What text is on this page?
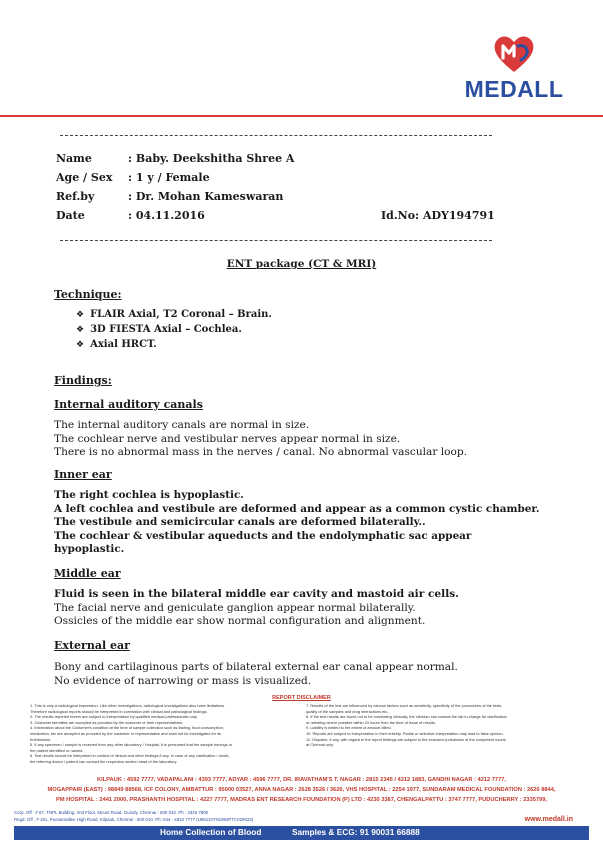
MEDALL
Name	: Baby. Deekshitha Shree A
Age / Sex : 1 y / Female
Ref.by	: Dr. Mohan Kameswaran
Date	: 04.11.2016	Id.No: ADY194791
ENT package (CT & MRI)
Technique:
❖ FLAIR Axial, T2 Coronal – Brain.
❖ 3D FIESTA Axial – Cochlea.
❖ Axial HRCT.
Findings:
Internal auditory canals
The internal auditory canals are normal in size.
The cochlear nerve and vestibular nerves appear normal in size.
There is no abnormal mass in the nerves / canal. No abnormal vascular loop.
Inner ear
The right cochlea is hypoplastic.
A left cochlea and vestibule are deformed and appear as a common cystic chamber.
The vestibule and semicircular canals are deformed bilaterally..
The cochlear & vestibular aqueducts and the endolymphatic sac appear
hypoplastic.
Middle ear
Fluid is seen in the bilateral middle ear cavity and mastoid air cells.
The facial nerve and geniculate ganglion appear normal bilaterally.
Ossicles of the middle ear show normal configuration and alignment.
External ear
Bony and cartilaginous parts of bilateral external ear canal appear normal.
No evidence of narrowing or mass is visualized.
REPORT DISCLAIMER
1. This is only a radiological impression. Like other investigations, radiological investigations also have limitations.
Therefore radiological reports should be interpreted in correlation with clinical and pathological findings.
2. The results reported herein are subject to interpretation by qualified medical professionals only.
3. Customer identities are accepted as provided by the customer or their representatives.
4. Information about the Customer's condition at the time of sample collection such as fasting, food consumption,
medication, etc are accepted as provided by the customer or representative and shall not be investigated for its
truthfulness.
5. If any specimen / sample is received from any other laboratory / Hospital, it is presumed that the sample belongs to
the patient identified or named.
6. Test results should be interpreted in context of clinical and other findings if any. In case of any clarification / doubt,
the referring doctor / patient can contact the respective section head of the laboratory.
7. Results of the test are influenced by various factors such as sensitivity, specificity of the procedures of the tests,
quality of the samples and drug interactions etc.,
8. If the test results are found not to be correlating clinically, the clinician can contact the lab in-charge for clarification
or retesting where possible within 24 hours from the time of issue of results.
9. Liability is limited to the extent of amount billed.
10. Reports are subject to interpretation in their entirety. Partial or selective interpretation may lead to false opinion.
11. Disputes, if any, with regard to the report findings are subject to the exclusive jurisdiction of the competent courts
at Chennai only.
KILPAUK : 4592 7777, VADAPALANI : 4393 7777, ADYAR : 4596 7777, DR. IRAVATHAM'S T. NAGAR : 2815 2345 / 4212 1883, GANDHI NAGAR : 4212 7777,
MOGAPPAIR (EAST) : 98849 88568, ICF COLONY, AMBATTUR : 95000 03527, ANNA NAGAR : 2628 3526 / 3626, VHS HOSPITAL : 2254 1977, SUNDARAM MEDICAL FOUNDATION : 2626 8844,
PM HOSPITAL : 2441 2000, PRASHANTH HOSPITAL : 4227 7777, MADRAS ENT RESEARCH FOUNDATION (P) LTD : 4230 3387, CHENGALPATTU : 3747 7777, PUDUCHERRY : 2335799,
Corp. Off : # 67, TNPL Building, 2nd Floor, Mount Road, Guindy, Chennai - 600 032. Ph : 4345 7800
Regd. Off : # 191, Poonamallee High Road, Kilpauk, Chennai - 600 010. Ph: 044 - 4832 7777 (U85110TN1994PTC029023)	www.medall.in
Home Collection of Blood	Samples & ECG: 91 90031 66888
